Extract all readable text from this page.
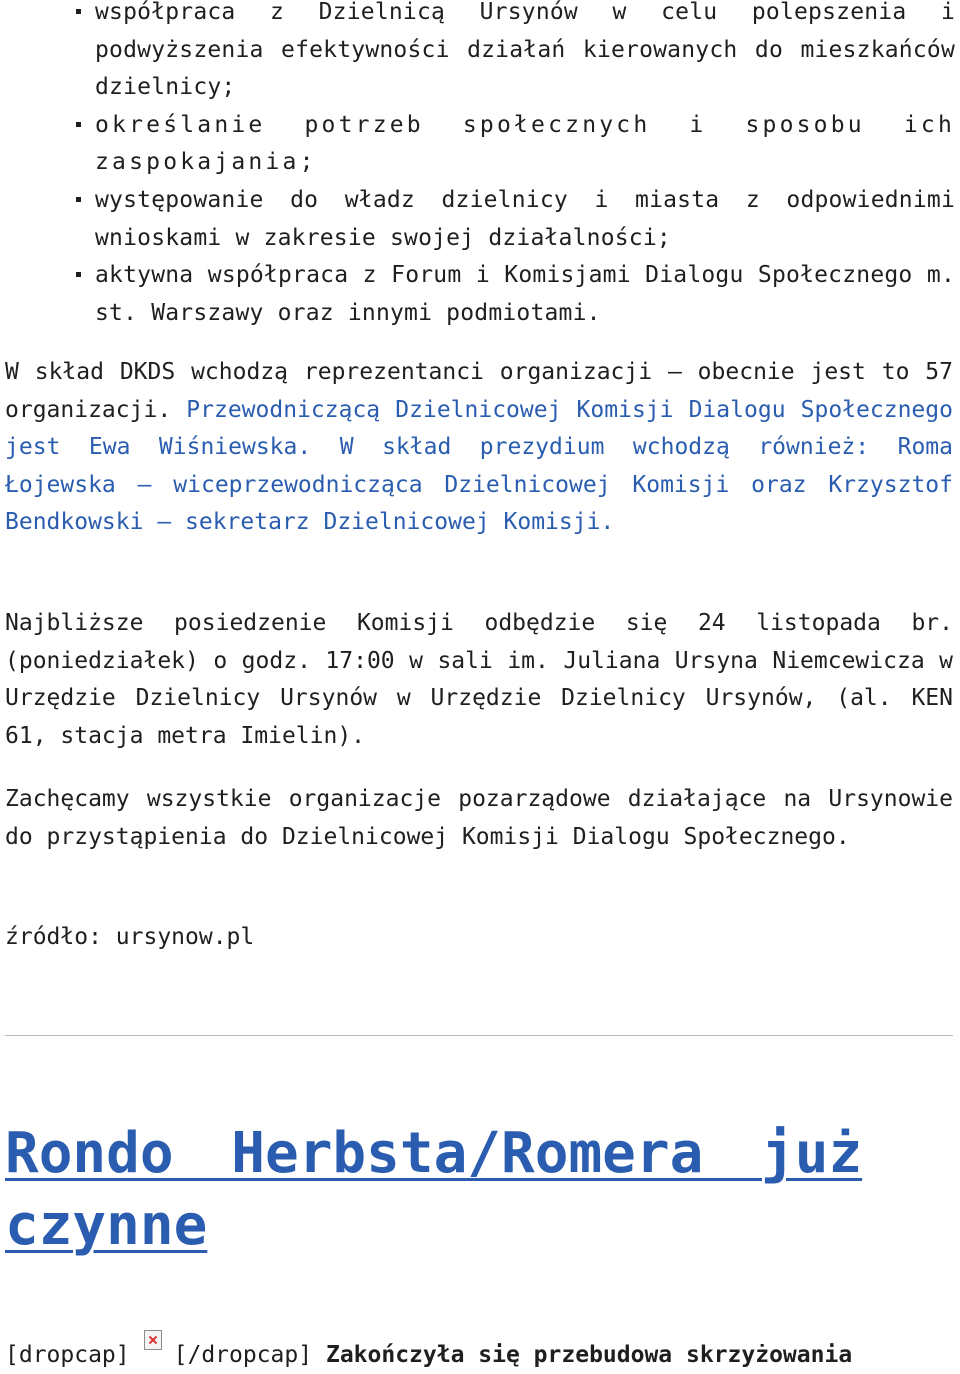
współpraca z Dzielnicą Ursynów w celu polepszenia i podwyższenia efektywności działań kierowanych do mieszkańców dzielnicy;
określanie potrzeb społecznych i sposobu ich zaspokajania;
występowanie do władz dzielnicy i miasta z odpowiednimi wnioskami w zakresie swojej działalności;
aktywna współpraca z Forum i Komisjami Dialogu Społecznego m. st. Warszawy oraz innymi podmiotami.

W skład DKDS wchodzą reprezentanci organizacji – obecnie jest to 57 organizacji. Przewodniczącą Dzielnicowej Komisji Dialogu Społecznego jest Ewa Wiśniewska. W skład prezydium wchodzą również: Roma Łojewska – wiceprzewodnicząca Dzielnicowej Komisji oraz Krzysztof Bendkowski – sekretarz Dzielnicowej Komisji.

Najbliższe posiedzenie Komisji odbędzie się 24 listopada br. (poniedziałek) o godz. 17:00 w sali im. Juliana Ursyna Niemcewicza w Urzędzie Dzielnicy Ursynów w Urzędzie Dzielnicy Ursynów, (al. KEN 61, stacja metra Imielin).

Zachęcamy wszystkie organizacje pozarządowe działające na Ursynowie do przystąpienia do Dzielnicowej Komisji Dialogu Społecznego.

źródło: ursynow.pl

Rondo Herbsta/Romera już czynne
[dropcap] [/dropcap] Zakończyła się przebudowa skrzyżowania
